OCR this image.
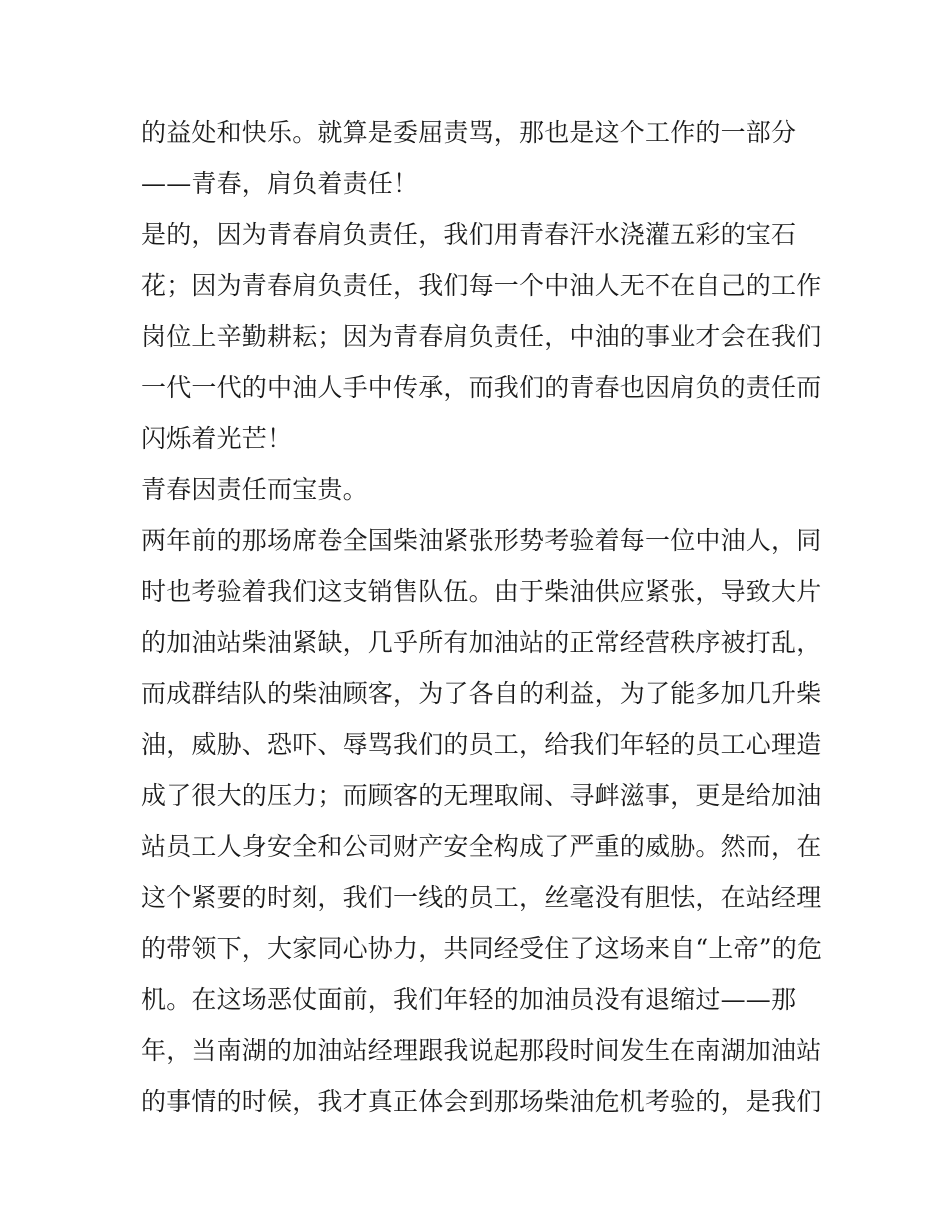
的益处和快乐。就算是委屈责骂，那也是这个工作的一部分
——青春，肩负着责任！
是的，因为青春肩负责任，我们用青春汗水浇灌五彩的宝石
花；因为青春肩负责任，我们每一个中油人无不在自己的工作
岗位上辛勤耕耘；因为青春肩负责任，中油的事业才会在我们
一代一代的中油人手中传承，而我们的青春也因肩负的责任而
闪烁着光芒！
青春因责任而宝贵。
两年前的那场席卷全国柴油紧张形势考验着每一位中油人，同
时也考验着我们这支销售队伍。由于柴油供应紧张，导致大片
的加油站柴油紧缺，几乎所有加油站的正常经营秩序被打乱，
而成群结队的柴油顾客，为了各自的利益，为了能多加几升柴
油，威胁、恐吓、辱骂我们的员工，给我们年轻的员工心理造
成了很大的压力；而顾客的无理取闹、寻衅滋事，更是给加油
站员工人身安全和公司财产安全构成了严重的威胁。然而，在
这个紧要的时刻，我们一线的员工，丝毫没有胆怯，在站经理
的带领下，大家同心协力，共同经受住了这场来自“上帝”的危
机。在这场恶仗面前，我们年轻的加油员没有退缩过——那
年，当南湖的加油站经理跟我说起那段时间发生在南湖加油站
的事情的时候，我才真正体会到那场柴油危机考验的，是我们
